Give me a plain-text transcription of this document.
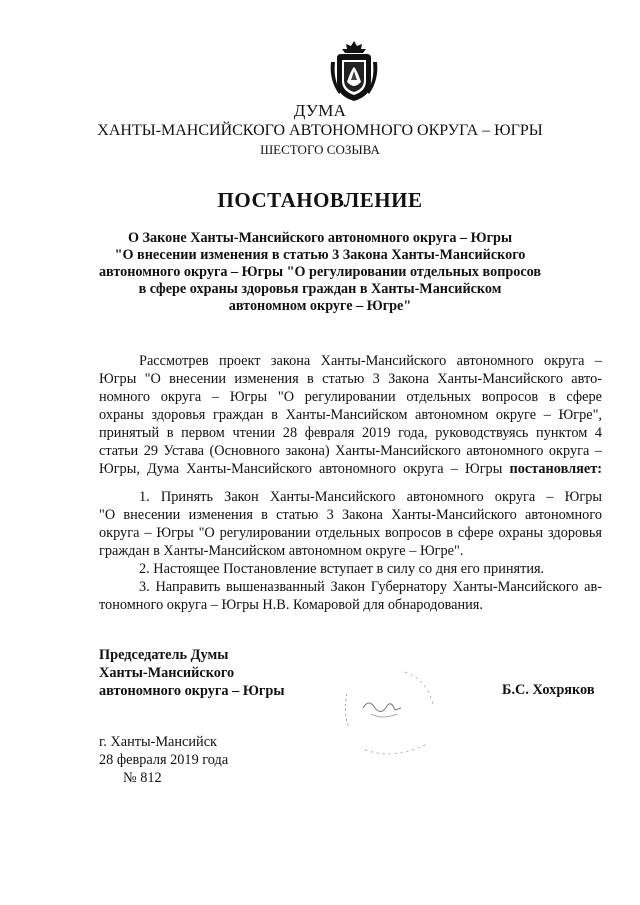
ДУМА
ХАНТЫ-МАНСИЙСКОГО АВТОНОМНОГО ОКРУГА – ЮГРЫ
ШЕСТОГО СОЗЫВА
ПОСТАНОВЛЕНИЕ
О Законе Ханты-Мансийского автономного округа – Югры
"О внесении изменения в статью 3 Закона Ханты-Мансийского
автономного округа – Югры "О регулировании отдельных вопросов
в сфере охраны здоровья граждан в Ханты-Мансийском
автономном округе – Югре"
Рассмотрев проект закона Ханты-Мансийского автономного округа –
Югры "О внесении изменения в статью 3 Закона Ханты-Мансийского авто-
номного округа – Югры "О регулировании отдельных вопросов в сфере
охраны здоровья граждан в Ханты-Мансийском автономном округе – Югре",
принятый в первом чтении 28 февраля 2019 года, руководствуясь пунктом 4
статьи 29 Устава (Основного закона) Ханты-Мансийского автономного округа –
Югры, Дума Ханты-Мансийского автономного округа – Югры постановляет:
1. Принять Закон Ханты-Мансийского автономного округа – Югры
"О внесении изменения в статью 3 Закона Ханты-Мансийского автономного
округа – Югры "О регулировании отдельных вопросов в сфере охраны здоровья
граждан в Ханты-Мансийском автономном округе – Югре".
2. Настоящее Постановление вступает в силу со дня его принятия.
3. Направить вышеназванный Закон Губернатору Ханты-Мансийского ав-
тономного округа – Югры Н.В. Комаровой для обнародования.
Председатель Думы
Ханты-Мансийского
автономного округа – Югры	Б.С. Хохряков
г. Ханты-Мансийск
28 февраля 2019 года
№ 812
